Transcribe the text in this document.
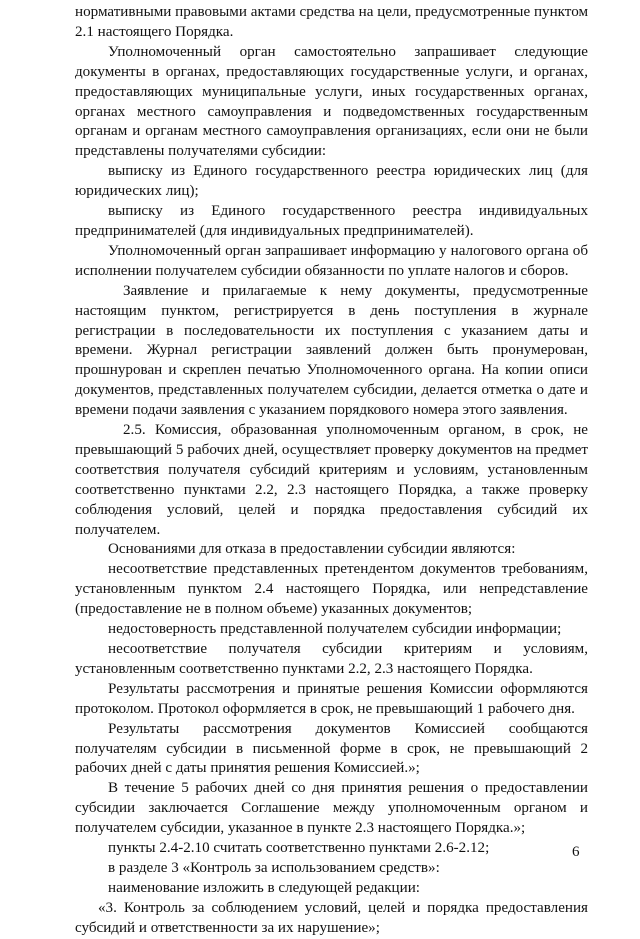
нормативными правовыми актами средства на цели, предусмотренные пунктом 2.1 настоящего Порядка.

Уполномоченный орган самостоятельно запрашивает следующие документы в органах, предоставляющих государственные услуги, и органах, предоставляющих муниципальные услуги, иных государственных органах, органах местного самоуправления и подведомственных государственным органам и органам местного самоуправления организациях, если они не были представлены получателями субсидии:

выписку из Единого государственного реестра юридических лиц (для юридических лиц);

выписку из Единого государственного реестра индивидуальных предпринимателей (для индивидуальных предпринимателей).

Уполномоченный орган запрашивает информацию у налогового органа об исполнении получателем субсидии обязанности по уплате налогов и сборов.

Заявление и прилагаемые к нему документы, предусмотренные настоящим пунктом, регистрируется в день поступления в журнале регистрации в последовательности их поступления с указанием даты и времени. Журнал регистрации заявлений должен быть пронумерован, прошнурован и скреплен печатью Уполномоченного органа. На копии описи документов, представленных получателем субсидии, делается отметка о дате и времени подачи заявления с указанием порядкового номера этого заявления.

2.5. Комиссия, образованная уполномоченным органом, в срок, не превышающий 5 рабочих дней, осуществляет проверку документов на предмет соответствия получателя субсидий критериям и условиям, установленным соответственно пунктами 2.2, 2.3 настоящего Порядка, а также проверку соблюдения условий, целей и порядка предоставления субсидий их получателем.

Основаниями для отказа в предоставлении субсидии являются:

несоответствие представленных претендентом документов требованиям, установленным пунктом 2.4 настоящего Порядка, или непредставление (предоставление не в полном объеме) указанных документов;

недостоверность представленной получателем субсидии информации;

несоответствие получателя субсидии критериям и условиям, установленным соответственно пунктами 2.2, 2.3 настоящего Порядка.

Результаты рассмотрения и принятые решения Комиссии оформляются протоколом. Протокол оформляется в срок, не превышающий 1 рабочего дня.

Результаты рассмотрения документов Комиссией сообщаются получателям субсидии в письменной форме в срок, не превышающий 2 рабочих дней с даты принятия решения Комиссией.»;

В течение 5 рабочих дней со дня принятия решения о предоставлении субсидии заключается Соглашение между уполномоченным органом и получателем субсидии, указанное в пункте 2.3 настоящего Порядка.»;

пункты 2.4-2.10 считать соответственно пунктами 2.6-2.12;

в разделе 3 «Контроль за использованием средств»:

наименование изложить в следующей редакции:

«3. Контроль за соблюдением условий, целей и порядка предоставления субсидий и ответственности за их нарушение»;

6
